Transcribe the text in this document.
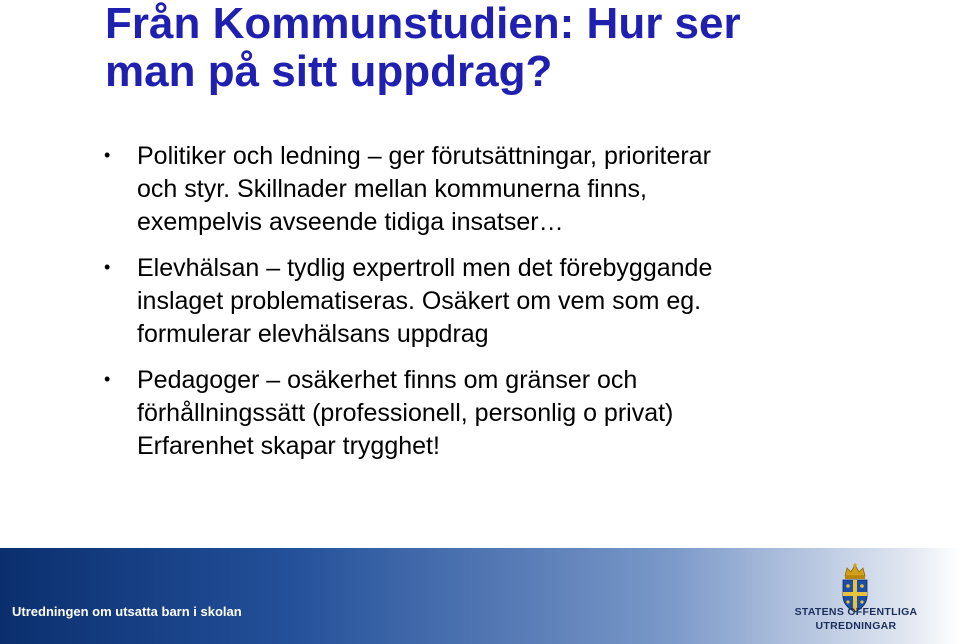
Från Kommunstudien: Hur ser
man på sitt uppdrag?
• Politiker och ledning – ger förutsättningar, prioriterar
och styr. Skillnader mellan kommunerna finns,
exempelvis avseende tidiga insatser…
• Elevhälsan – tydlig expertroll men det förebyggande
inslaget problematiseras. Osäkert om vem som eg.
formulerar elevhälsans uppdrag
• Pedagoger – osäkerhet finns om gränser och
förhållningssätt (professionell, personlig o privat)
Erfarenhet skapar trygghet!
Utredningen om utsatta barn i skolan	STATENS OFFENTLIGA
UTREDNINGAR
